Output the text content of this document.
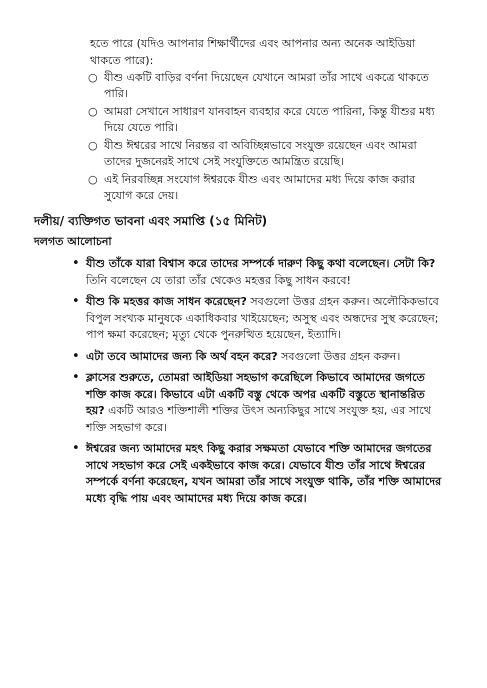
হতে পারে (যদিও আপনার শিক্ষার্থীদের এবং আপনার অন্য অনেক আইডিয়া থাকতে পারে):

○ যীশু একটি বাড়ির বর্ণনা দিয়েছেন যেখানে আমরা তাঁর সাথে একত্রে থাকতে পারি।
○ আমরা সেখানে সাধারণ যানবাহন ব্যবহার করে যেতে পারিনা, কিন্তু যীশুর মধ্য দিয়ে যেতে পারি।
○ যীশু ঈশ্বরের সাথে নিরন্তর বা অবিচ্ছিন্নভাবে সংযুক্ত রয়েছেন এবং আমরা তাদের দুজনেরই সাথে সেই সংযুক্তিতে আমন্ত্রিত রয়েছি।
○ এই নিরবচ্ছিন্ন সংযোগ ঈশ্বরকে যীশু এবং আমাদের মধ্য দিয়ে কাজ করার সুযোগ করে দেয়।
দলীয়/ ব্যক্তিগত ভাবনা এবং সমাপ্তি (১৫ মিনিট)
দলগত আলোচনা
• যীশু তাঁকে যারা বিশ্বাস করে তাদের সম্পর্কে দারুণ কিছু কথা বলেছেন। সেটা কি? তিনি বলেছেন যে তারা তাঁর থেকেও মহত্তর কিছু সাধন করবে!
• যীশু কি মহত্তর কাজ সাধন করেছেন? সবগুলো উত্তর গ্রহন করুন। অলৌকিকভাবে বিপুল সংখ্যক মানুষকে একাধিকবার খাইয়েছেন; অসুস্থ এবং অন্ধদের সুস্থ করেছেন; পাপ ক্ষমা করেছেন; মৃত্যু থেকে পুনরুত্থিত হয়েছেন, ইত্যাদি।
• এটা তবে আমাদের জন্য কি অর্থ বহন করে? সবগুলো উত্তর গ্রহন করুন।
• ক্লাসের শুরুতে, তোমরা আইডিয়া সহভাগ করেছিলে কিভাবে আমাদের জগতে শক্তি কাজ করে। কিভাবে এটা একটি বস্তু থেকে অপর একটি বস্তুতে স্থানান্তরিত হয়? একটি আরও শক্তিশালী শক্তির উৎস অন্যকিছুর সাথে সংযুক্ত হয়, এর সাথে শক্তি সহভাগ করে।
• ঈশ্বরের জন্য আমাদের মহৎ কিছু করার সক্ষমতা যেভাবে শক্তি আমাদের জগতের সাথে সহভাগ করে সেই একইভাবে কাজ করে। যেভাবে যীশু তাঁর সাথে ঈশ্বরের সম্পর্কে বর্ণনা করেছেন, যখন আমরা তাঁর সাথে সংযুক্ত থাকি, তাঁর শক্তি আমাদের মধ্যে বৃদ্ধি পায় এবং আমাদের মধ্য দিয়ে কাজ করে।
